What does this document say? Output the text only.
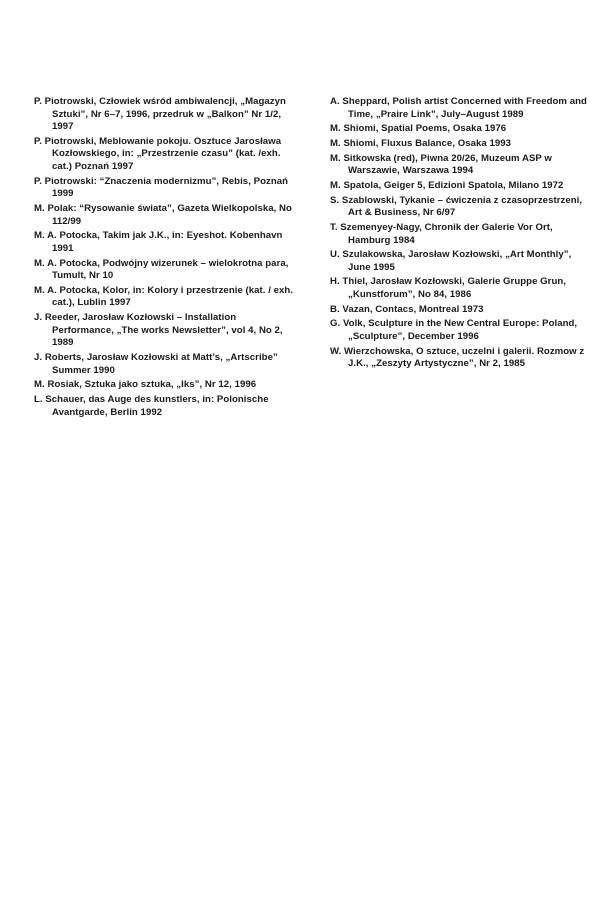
P. Piotrowski, Człowiek wśród ambiwalencji, „Magazyn Sztuki”, Nr 6–7, 1996, przedruk w „Balkon” Nr 1/2, 1997
P. Piotrowski, Meblowanie pokoju. Osztuce Jarosława Kozłowskiego, in: „Przestrzenie czasu” (kat. /exh. cat.) Poznań 1997
P. Piotrowski: “Znaczenia modernizmu”, Rebis, Poznań 1999
M. Polak: “Rysowanie świata”, Gazeta Wielkopolska, No 112/99
M. A. Potocka, Takim jak J.K., in: Eyeshot. Kobenhavn 1991
M. A. Potocka, Podwójny wizerunek – wielokrotna para, Tumult, Nr 10
M. A. Potocka, Kolor, in: Kolory i przestrzenie (kat. / exh. cat.), Lublin 1997
J. Reeder, Jarosław Kozłowski – Installation Performance, „The works Newsletter”, vol 4, No 2, 1989
J. Roberts, Jarosław Kozłowski at Matt’s, „Artscribe” Summer 1990
M. Rosiak, Sztuka jako sztuka, „Iks”, Nr 12, 1996
L. Schauer, das Auge des kunstlers, in: Polonische Avantgarde, Berlin 1992
A. Sheppard, Polish artist Concerned with Freedom and Time, „Praire Link”, July–August 1989
M. Shiomi, Spatial Poems, Osaka 1976
M. Shiomi, Fluxus Balance, Osaka 1993
M. Sitkowska (red), Piwna 20/26, Muzeum ASP w Warszawie, Warszawa 1994
M. Spatola, Geiger 5, Edizioni Spatola, Milano 1972
S. Szablowski, Tykanie – ćwiczenia z czasoprzestrzeni, Art & Business, Nr 6/97
T. Szemenyey-Nagy, Chronik der Galerie Vor Ort, Hamburg 1984
U. Szulakowska, Jarosław Kozłowski, „Art Monthly”, June 1995
H. Thiel, Jarosław Kozłowski, Galerie Gruppe Grun, „Kunstforum”, No 84, 1986
B. Vazan, Contacs, Montreal 1973
G. Volk, Sculpture in the New Central Europe: Poland, „Sculpture”, December 1996
W. Wierzchowska, O sztuce, uczelni i galerii. Rozmow z J.K., „Zeszyty Artystyczne”, Nr 2, 1985
